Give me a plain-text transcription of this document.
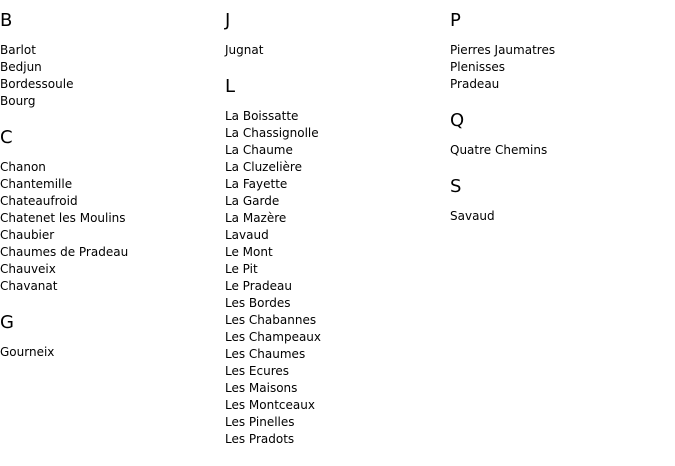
B
Barlot
Bedjun
Bordessoule
Bourg
C
Chanon
Chantemille
Chateaufroid
Chatenet les Moulins
Chaubier
Chaumes de Pradeau
Chauveix
Chavanat
G
Gourneix
J
Jugnat
L
La Boissatte
La Chassignolle
La Chaume
La Cluzelière
La Fayette
La Garde
La Mazère
Lavaud
Le Mont
Le Pit
Le Pradeau
Les Bordes
Les Chabannes
Les Champeaux
Les Chaumes
Les Ecures
Les Maisons
Les Montceaux
Les Pinelles
Les Pradots
P
Pierres Jaumatres
Plenisses
Pradeau
Q
Quatre Chemins
S
Savaud
